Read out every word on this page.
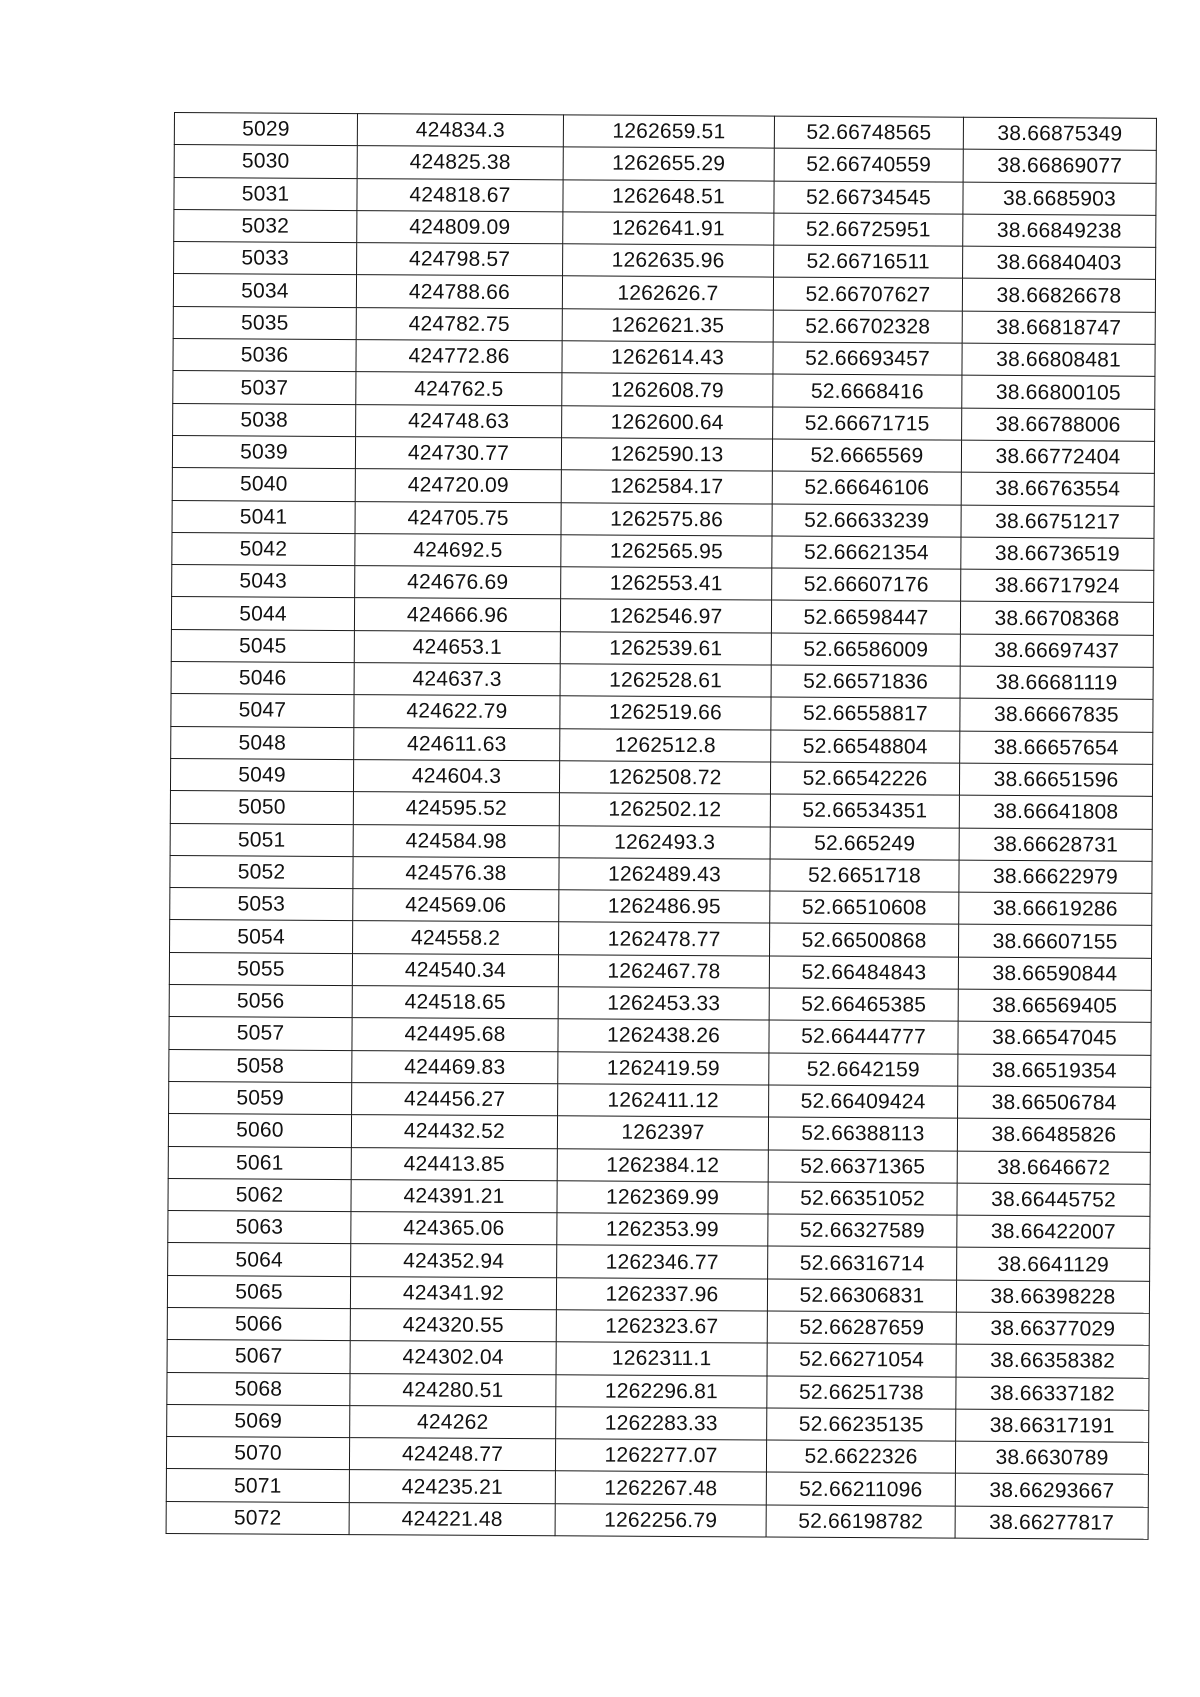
5029	424834.3	1262659.51	52.66748565	38.66875349
5030	424825.38	1262655.29	52.66740559	38.66869077
5031	424818.67	1262648.51	52.66734545	38.6685903
5032	424809.09	1262641.91	52.66725951	38.66849238
5033	424798.57	1262635.96	52.66716511	38.66840403
5034	424788.66	1262626.7	52.66707627	38.66826678
5035	424782.75	1262621.35	52.66702328	38.66818747
5036	424772.86	1262614.43	52.66693457	38.66808481
5037	424762.5	1262608.79	52.6668416	38.66800105
5038	424748.63	1262600.64	52.66671715	38.66788006
5039	424730.77	1262590.13	52.6665569	38.66772404
5040	424720.09	1262584.17	52.66646106	38.66763554
5041	424705.75	1262575.86	52.66633239	38.66751217
5042	424692.5	1262565.95	52.66621354	38.66736519
5043	424676.69	1262553.41	52.66607176	38.66717924
5044	424666.96	1262546.97	52.66598447	38.66708368
5045	424653.1	1262539.61	52.66586009	38.66697437
5046	424637.3	1262528.61	52.66571836	38.66681119
5047	424622.79	1262519.66	52.66558817	38.66667835
5048	424611.63	1262512.8	52.66548804	38.66657654
5049	424604.3	1262508.72	52.66542226	38.66651596
5050	424595.52	1262502.12	52.66534351	38.66641808
5051	424584.98	1262493.3	52.665249	38.66628731
5052	424576.38	1262489.43	52.6651718	38.66622979
5053	424569.06	1262486.95	52.66510608	38.66619286
5054	424558.2	1262478.77	52.66500868	38.66607155
5055	424540.34	1262467.78	52.66484843	38.66590844
5056	424518.65	1262453.33	52.66465385	38.66569405
5057	424495.68	1262438.26	52.66444777	38.66547045
5058	424469.83	1262419.59	52.6642159	38.66519354
5059	424456.27	1262411.12	52.66409424	38.66506784
5060	424432.52	1262397	52.66388113	38.66485826
5061	424413.85	1262384.12	52.66371365	38.6646672
5062	424391.21	1262369.99	52.66351052	38.66445752
5063	424365.06	1262353.99	52.66327589	38.66422007
5064	424352.94	1262346.77	52.66316714	38.6641129
5065	424341.92	1262337.96	52.66306831	38.66398228
5066	424320.55	1262323.67	52.66287659	38.66377029
5067	424302.04	1262311.1	52.66271054	38.66358382
5068	424280.51	1262296.81	52.66251738	38.66337182
5069	424262	1262283.33	52.66235135	38.66317191
5070	424248.77	1262277.07	52.6622326	38.6630789
5071	424235.21	1262267.48	52.66211096	38.66293667
5072	424221.48	1262256.79	52.66198782	38.66277817
